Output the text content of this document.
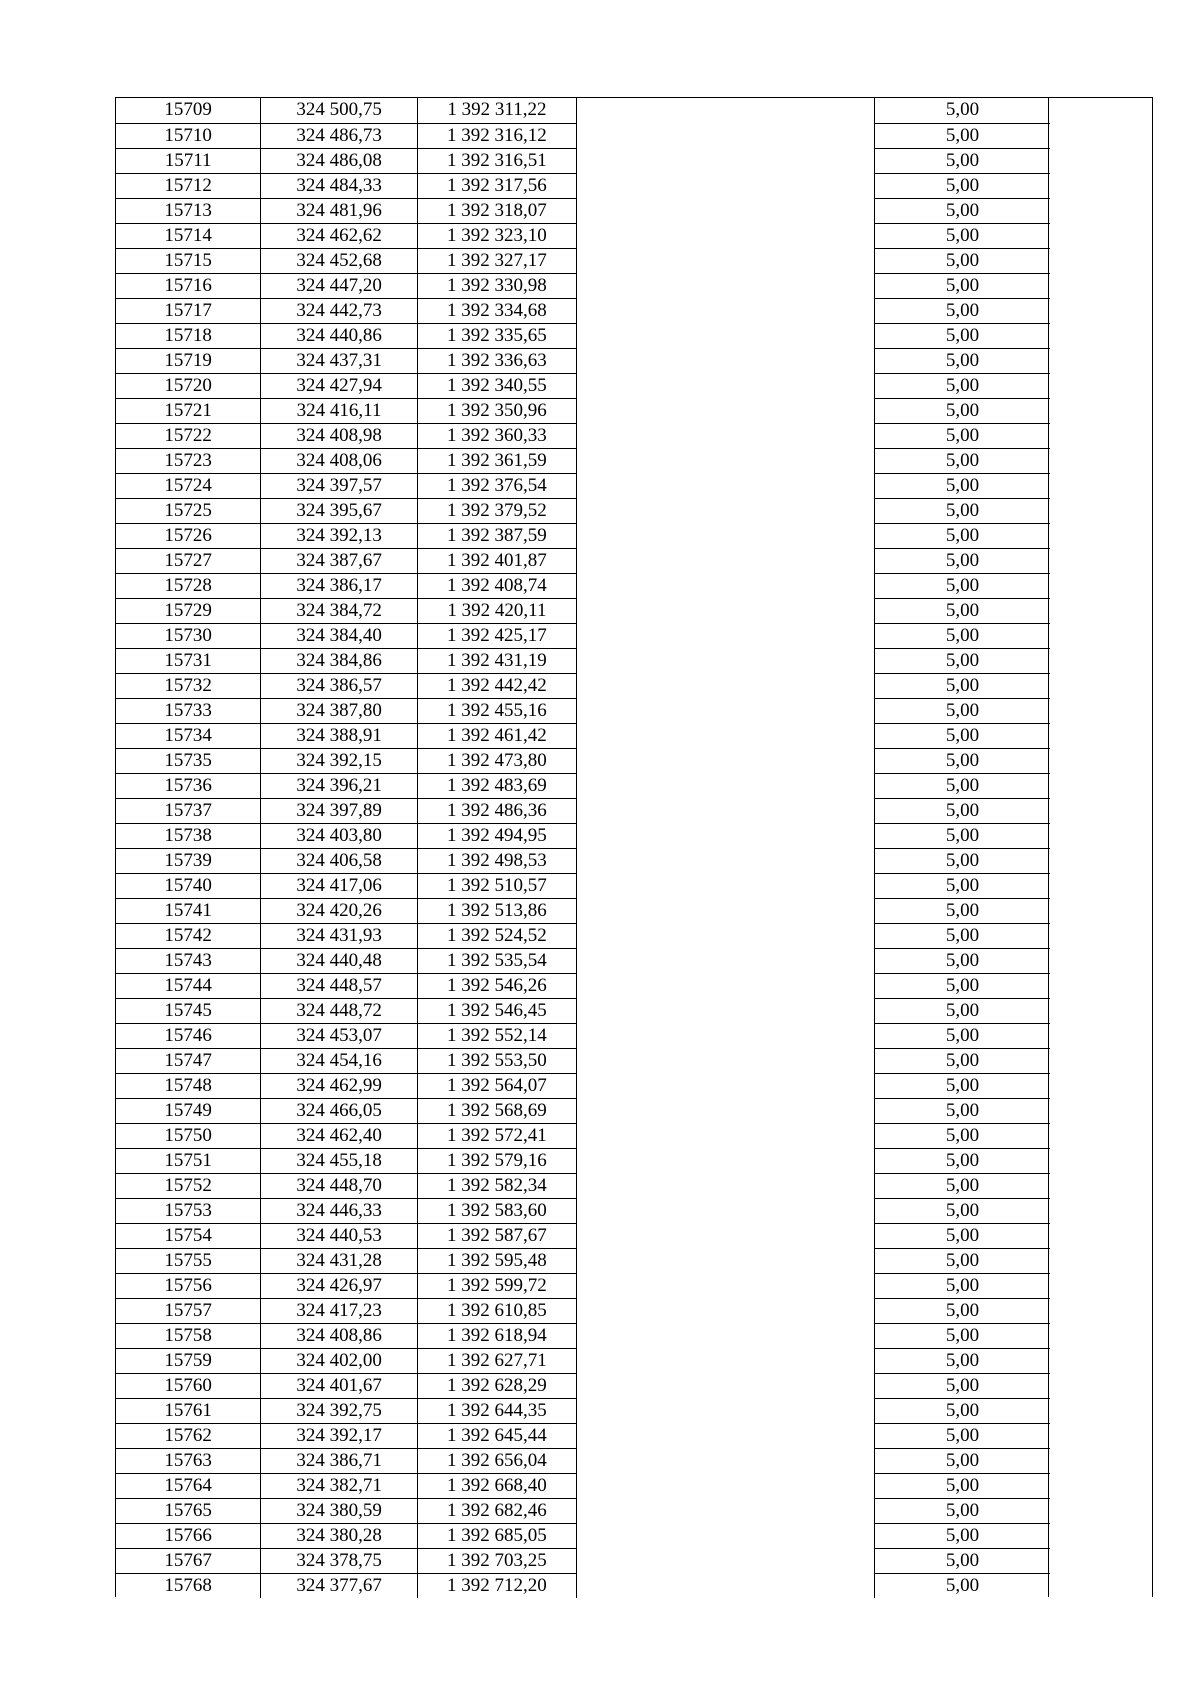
15709	324 500,75	1 392 311,22		5,00
15710	324 486,73	1 392 316,12		5,00
15711	324 486,08	1 392 316,51		5,00
15712	324 484,33	1 392 317,56		5,00
15713	324 481,96	1 392 318,07		5,00
15714	324 462,62	1 392 323,10		5,00
15715	324 452,68	1 392 327,17		5,00
15716	324 447,20	1 392 330,98		5,00
15717	324 442,73	1 392 334,68		5,00
15718	324 440,86	1 392 335,65		5,00
15719	324 437,31	1 392 336,63		5,00
15720	324 427,94	1 392 340,55		5,00
15721	324 416,11	1 392 350,96		5,00
15722	324 408,98	1 392 360,33		5,00
15723	324 408,06	1 392 361,59		5,00
15724	324 397,57	1 392 376,54		5,00
15725	324 395,67	1 392 379,52		5,00
15726	324 392,13	1 392 387,59		5,00
15727	324 387,67	1 392 401,87		5,00
15728	324 386,17	1 392 408,74		5,00
15729	324 384,72	1 392 420,11		5,00
15730	324 384,40	1 392 425,17		5,00
15731	324 384,86	1 392 431,19		5,00
15732	324 386,57	1 392 442,42		5,00
15733	324 387,80	1 392 455,16		5,00
15734	324 388,91	1 392 461,42		5,00
15735	324 392,15	1 392 473,80		5,00
15736	324 396,21	1 392 483,69		5,00
15737	324 397,89	1 392 486,36		5,00
15738	324 403,80	1 392 494,95		5,00
15739	324 406,58	1 392 498,53		5,00
15740	324 417,06	1 392 510,57		5,00
15741	324 420,26	1 392 513,86		5,00
15742	324 431,93	1 392 524,52		5,00
15743	324 440,48	1 392 535,54		5,00
15744	324 448,57	1 392 546,26		5,00
15745	324 448,72	1 392 546,45		5,00
15746	324 453,07	1 392 552,14		5,00
15747	324 454,16	1 392 553,50		5,00
15748	324 462,99	1 392 564,07		5,00
15749	324 466,05	1 392 568,69		5,00
15750	324 462,40	1 392 572,41		5,00
15751	324 455,18	1 392 579,16		5,00
15752	324 448,70	1 392 582,34		5,00
15753	324 446,33	1 392 583,60		5,00
15754	324 440,53	1 392 587,67		5,00
15755	324 431,28	1 392 595,48		5,00
15756	324 426,97	1 392 599,72		5,00
15757	324 417,23	1 392 610,85		5,00
15758	324 408,86	1 392 618,94		5,00
15759	324 402,00	1 392 627,71		5,00
15760	324 401,67	1 392 628,29		5,00
15761	324 392,75	1 392 644,35		5,00
15762	324 392,17	1 392 645,44		5,00
15763	324 386,71	1 392 656,04		5,00
15764	324 382,71	1 392 668,40		5,00
15765	324 380,59	1 392 682,46		5,00
15766	324 380,28	1 392 685,05		5,00
15767	324 378,75	1 392 703,25		5,00
15768	324 377,67	1 392 712,20		5,00
